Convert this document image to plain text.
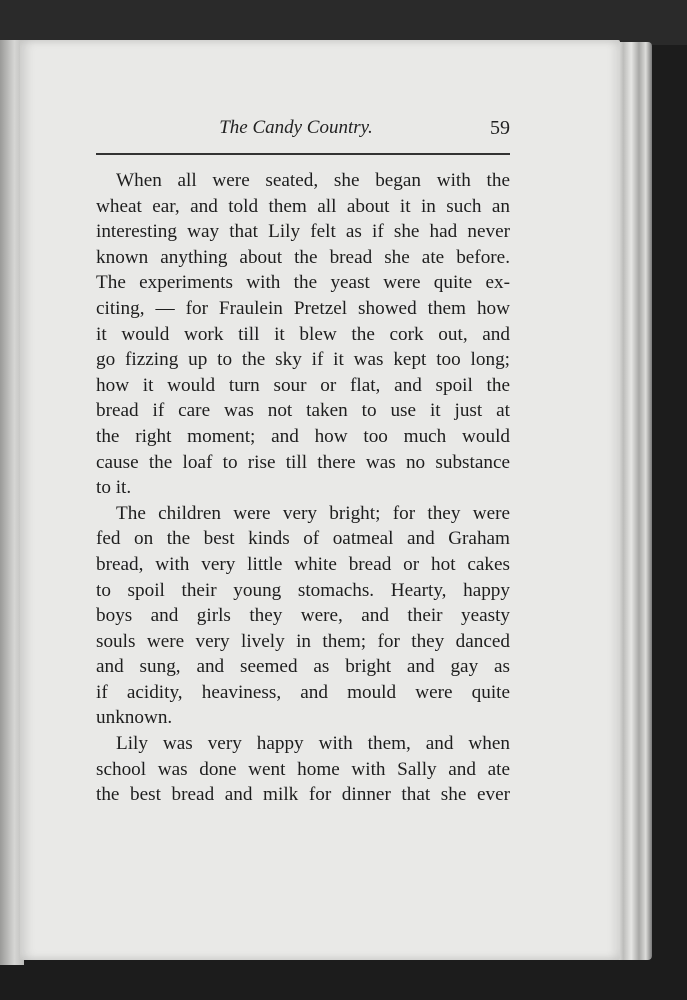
The Candy Country.	59
When all were seated, she began with the
wheat ear, and told them all about it in such an
interesting way that Lily felt as if she had never
known anything about the bread she ate before.
The experiments with the yeast were quite ex-
citing, — for Fraulein Pretzel showed them how
it would work till it blew the cork out, and
go fizzing up to the sky if it was kept too long;
how it would turn sour or flat, and spoil the
bread if care was not taken to use it just at
the right moment; and how too much would
cause the loaf to rise till there was no substance
to it.
The children were very bright; for they were
fed on the best kinds of oatmeal and Graham
bread, with very little white bread or hot cakes
to spoil their young stomachs. Hearty, happy
boys and girls they were, and their yeasty
souls were very lively in them; for they danced
and sung, and seemed as bright and gay as
if acidity, heaviness, and mould were quite
unknown.
Lily was very happy with them, and when
school was done went home with Sally and ate
the best bread and milk for dinner that she ever
